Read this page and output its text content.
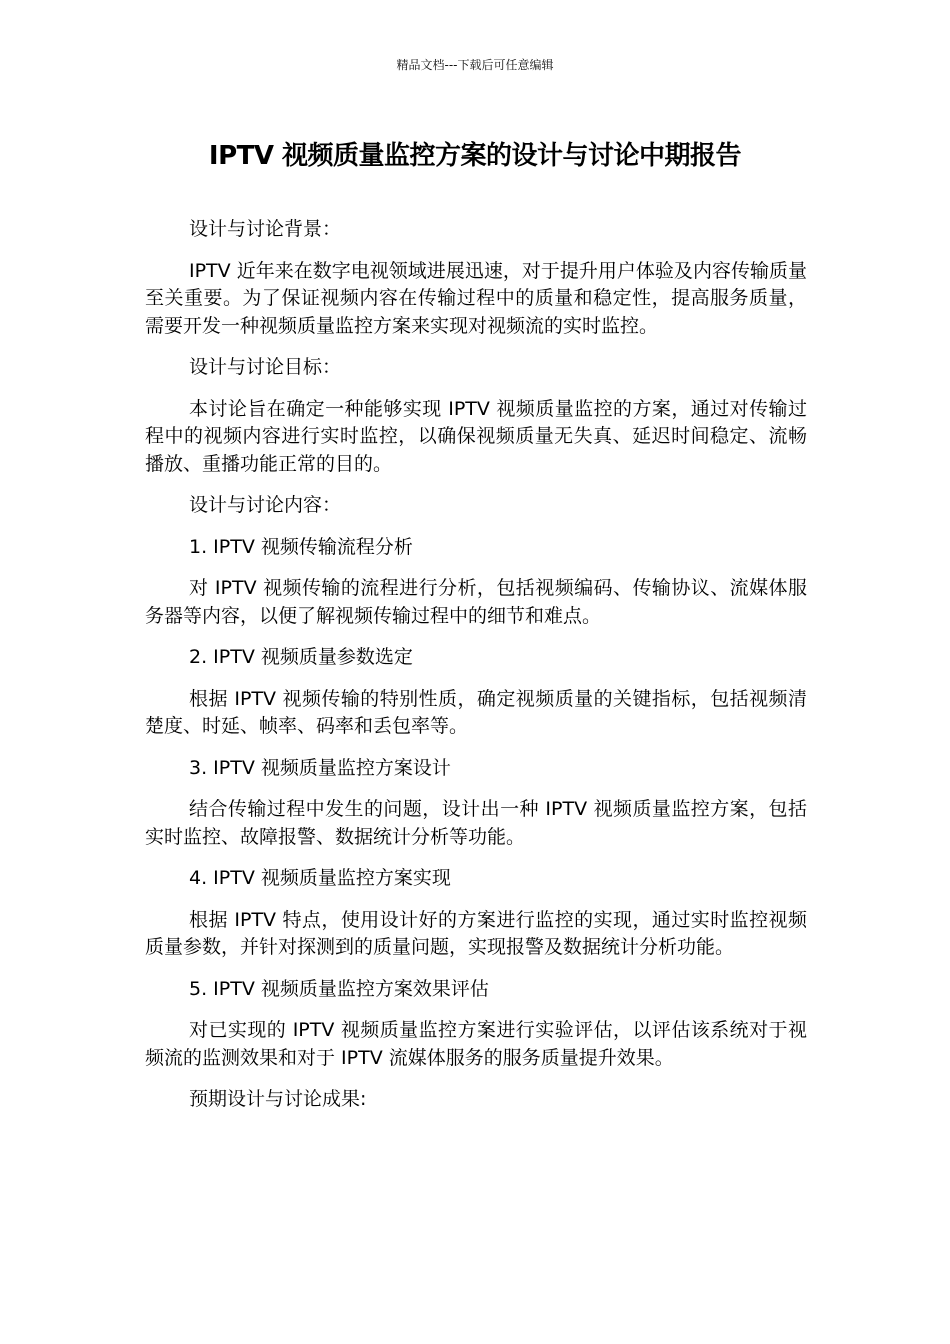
精品文档---下载后可任意编辑
IPTV 视频质量监控方案的设计与讨论中期报告

设计与讨论背景：

IPTV 近年来在数字电视领域进展迅速，对于提升用户体验及内容传输质量至关重要。为了保证视频内容在传输过程中的质量和稳定性，提高服务质量，需要开发一种视频质量监控方案来实现对视频流的实时监控。

设计与讨论目标：

本讨论旨在确定一种能够实现 IPTV 视频质量监控的方案，通过对传输过程中的视频内容进行实时监控，以确保视频质量无失真、延迟时间稳定、流畅播放、重播功能正常的目的。

设计与讨论内容：

1. IPTV 视频传输流程分析

对 IPTV 视频传输的流程进行分析，包括视频编码、传输协议、流媒体服务器等内容，以便了解视频传输过程中的细节和难点。

2. IPTV 视频质量参数选定

根据 IPTV 视频传输的特别性质，确定视频质量的关键指标，包括视频清楚度、时延、帧率、码率和丢包率等。

3. IPTV 视频质量监控方案设计

结合传输过程中发生的问题，设计出一种 IPTV 视频质量监控方案，包括实时监控、故障报警、数据统计分析等功能。

4. IPTV 视频质量监控方案实现

根据 IPTV 特点，使用设计好的方案进行监控的实现，通过实时监控视频质量参数，并针对探测到的质量问题，实现报警及数据统计分析功能。

5. IPTV 视频质量监控方案效果评估

对已实现的 IPTV 视频质量监控方案进行实验评估，以评估该系统对于视频流的监测效果和对于 IPTV 流媒体服务的服务质量提升效果。

预期设计与讨论成果:
